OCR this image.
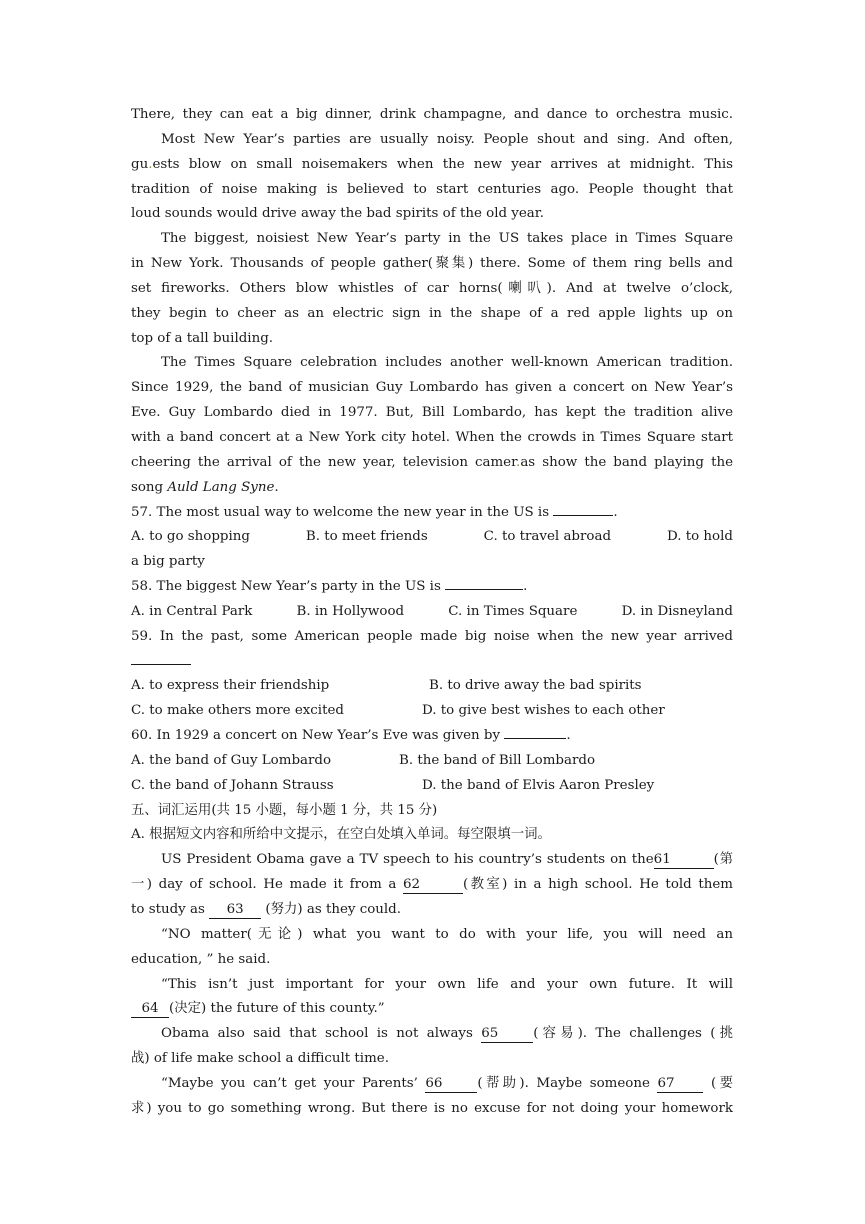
There, they can eat a big dinner, drink champagne, and dance to orchestra music.
Most New Year’s parties are usually noisy. People shout and sing. And often,
gu.ests blow on small noisemakers when the new year arrives at midnight. This
tradition of noise making is believed to start centuries ago. People thought that
loud sounds would drive away the bad spirits of the old year.
The biggest, noisiest New Year’s party in the US takes place in Times Square
in New York. Thousands of people gather(聚集) there. Some of them ring bells and
set fireworks. Others blow whistles of car horns(喇叭). And at twelve o’clock,
they begin to cheer as an electric sign in the shape of a red apple lights up on
top of a tall building.
The Times Square celebration includes another well-known American tradition.
Since 1929, the band of musician Guy Lombardo has given a concert on New Year’s
Eve. Guy Lombardo died in 1977. But, Bill Lombardo, has kept the tradition alive
with a band concert at a New York city hotel. When the crowds in Times Square start
cheering the arrival of the new year, television camer.as show the band playing the
song Auld Lang Syne.
57. The most usual way to welcome the new year in the US is	.
A. to go shopping	B. to meet friends	C. to travel abroad	D. to hold
a big party
58. The biggest New Year’s party in the US is	.
A. in Central Park	B. in Hollywood	C. in Times Square	D. in Disneyland
59. In the past, some American people made big noise when the new year arrived
A. to express their friendship	B. to drive away the bad spirits
C. to make others more excited	D. to give best wishes to each other
60. In 1929 a concert on New Year’s Eve was given by	.
A. the band of Guy Lombardo	B. the band of Bill Lombardo
C. the band of Johann Strauss	D. the band of Elvis Aaron Presley
五、词汇运用(共 15 小题，每小题 1 分，共 15 分)
A. 根据短文内容和所给中文提示，在空白处填入单词。每空限填一词。
US President Obama gave a TV speech to his country’s students on the61	(第
一) day of school. He made it from a 62	(教室) in a high school. He told them
to study as 63 (努力) as they could.
“NO matter(无论) what you want to do with your life, you will need an
education, ” he said.
“This isn’t just important for your own life and your own future. It will
64 (决定) the future of this county.”
Obama also said that school is not always 65	(容易). The challenges (挑
战) of life make school a difficult time.
“Maybe you can’t get your Parents’ 66	(帮助). Maybe someone 67 (要
求) you to go something wrong. But there is no excuse for not doing your homework
